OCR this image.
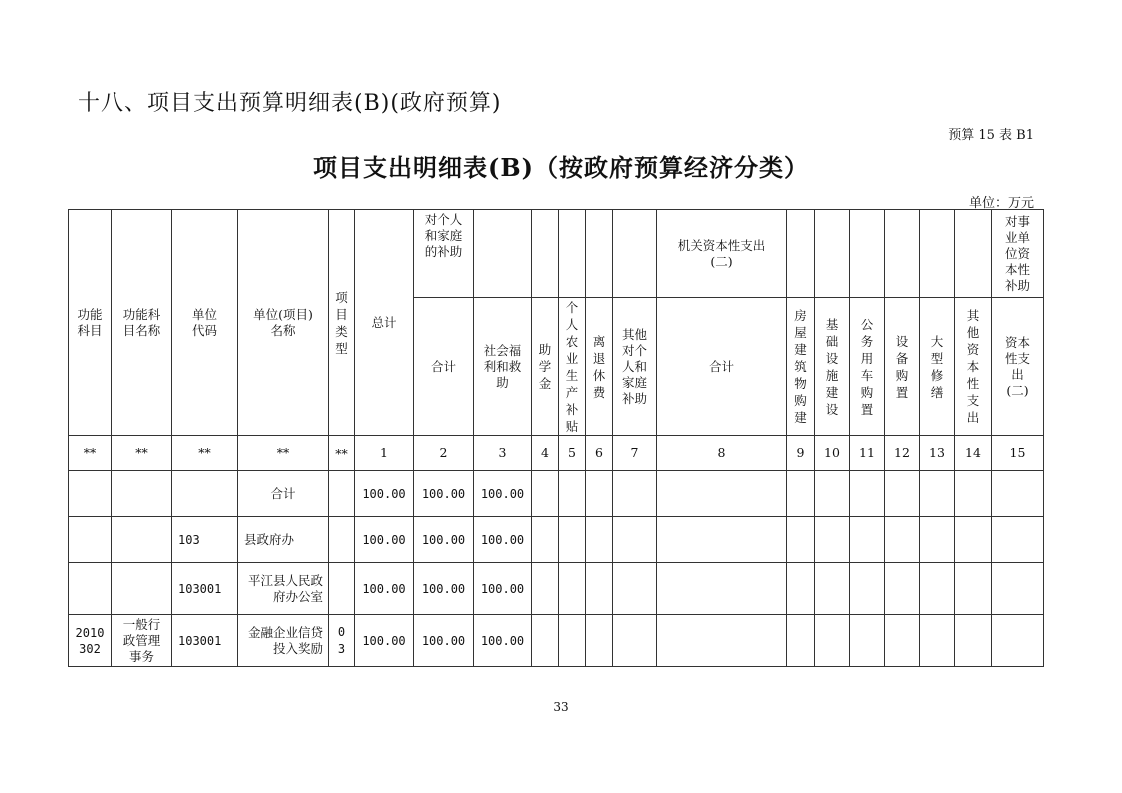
十八、项目支出预算明细表(B)(政府预算)
预算 15 表 B1
项目支出明细表(B)（按政府预算经济分类）
单位：万元
功能科目	功能科目名称	单位代码	单位(项目)名称	项目类型	总计	对个人和家庭的补助						机关资本性支出(二)							对事业单位资本性补助
						合计	社会福利和救助	助学金	个人农业生产补贴	离退休费	其他对个人和家庭补助	合计	房屋建筑物购建	基础设施建设	公务用车购置	设备购置	大型修缮	其他资本性支出	资本性支出(二)
**	**	**	**	**	1	2	3	4	5	6	7	8	9	10	11	12	13	14	15
			合计		100.00	100.00	100.00												
		103	县政府办		100.00	100.00	100.00												
		103001	平江县人民政府办公室		100.00	100.00	100.00												
2010302	一般行政管理事务	103001	金融企业信贷投入奖励	03	100.00	100.00	100.00												
33
